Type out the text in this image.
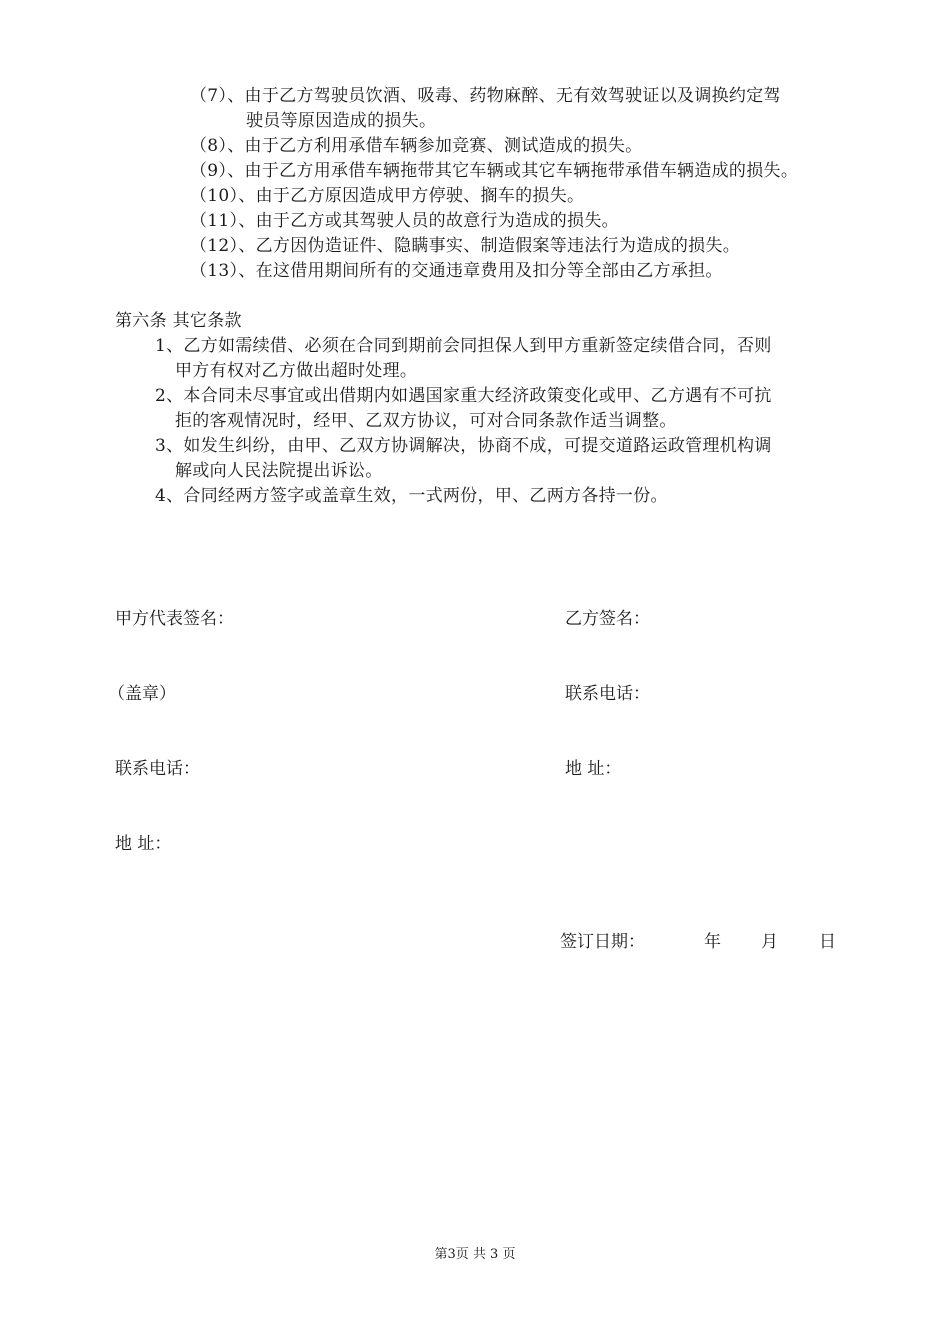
（7）、由于乙方驾驶员饮酒、吸毒、药物麻醉、无有效驾驶证以及调换约定驾
驶员等原因造成的损失。
（8）、由于乙方利用承借车辆参加竞赛、测试造成的损失。
（9）、由于乙方用承借车辆拖带其它车辆或其它车辆拖带承借车辆造成的损失。
（10）、由于乙方原因造成甲方停驶、搁车的损失。
（11）、由于乙方或其驾驶人员的故意行为造成的损失。
（12）、乙方因伪造证件、隐瞒事实、制造假案等违法行为造成的损失。
（13）、在这借用期间所有的交通违章费用及扣分等全部由乙方承担。
第六条 其它条款
1、乙方如需续借、必须在合同到期前会同担保人到甲方重新签定续借合同，否则
甲方有权对乙方做出超时处理。
2、本合同未尽事宜或出借期内如遇国家重大经济政策变化或甲、乙方遇有不可抗
拒的客观情况时，经甲、乙双方协议，可对合同条款作适当调整。
3、如发生纠纷，由甲、乙双方协调解决，协商不成，可提交道路运政管理机构调
解或向人民法院提出诉讼。
4、合同经两方签字或盖章生效，一式两份，甲、乙两方各持一份。
甲方代表签名：	乙方签名：
（盖章）	联系电话：
联系电话：	地 址：
地 址：
签订日期：	年 月 日
第3页 共 3 页
